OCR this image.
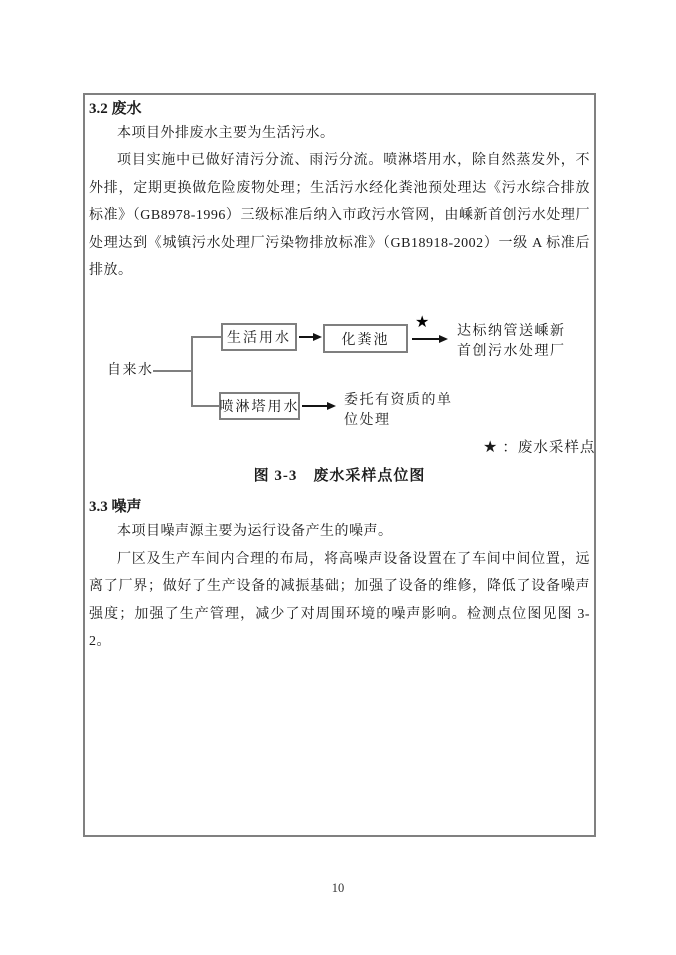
3.2 废水

本项目外排废水主要为生活污水。

项目实施中已做好清污分流、雨污分流。喷淋塔用水，除自然蒸发外，不外排，定期更换做危险废物处理；生活污水经化粪池预处理达《污水综合排放标准》（GB8978-1996）三级标准后纳入市政污水管网，由嵊新首创污水处理厂处理达到《城镇污水处理厂污染物排放标准》（GB18918-2002）一级 A 标准后排放。

自来水
生活用水	化粪池
★
达标纳管送嵊新
首创污水处理厂
喷淋塔用水	委托有资质的单
位处理
★ ：废水采样点
图 3-3　废水采样点位图
3.3 噪声

本项目噪声源主要为运行设备产生的噪声。

厂区及生产车间内合理的布局，将高噪声设备设置在了车间中间位置，远离了厂界；做好了生产设备的减振基础；加强了设备的维修，降低了设备噪声强度；加强了生产管理，减少了对周围环境的噪声影响。检测点位图见图 3-2。

10
